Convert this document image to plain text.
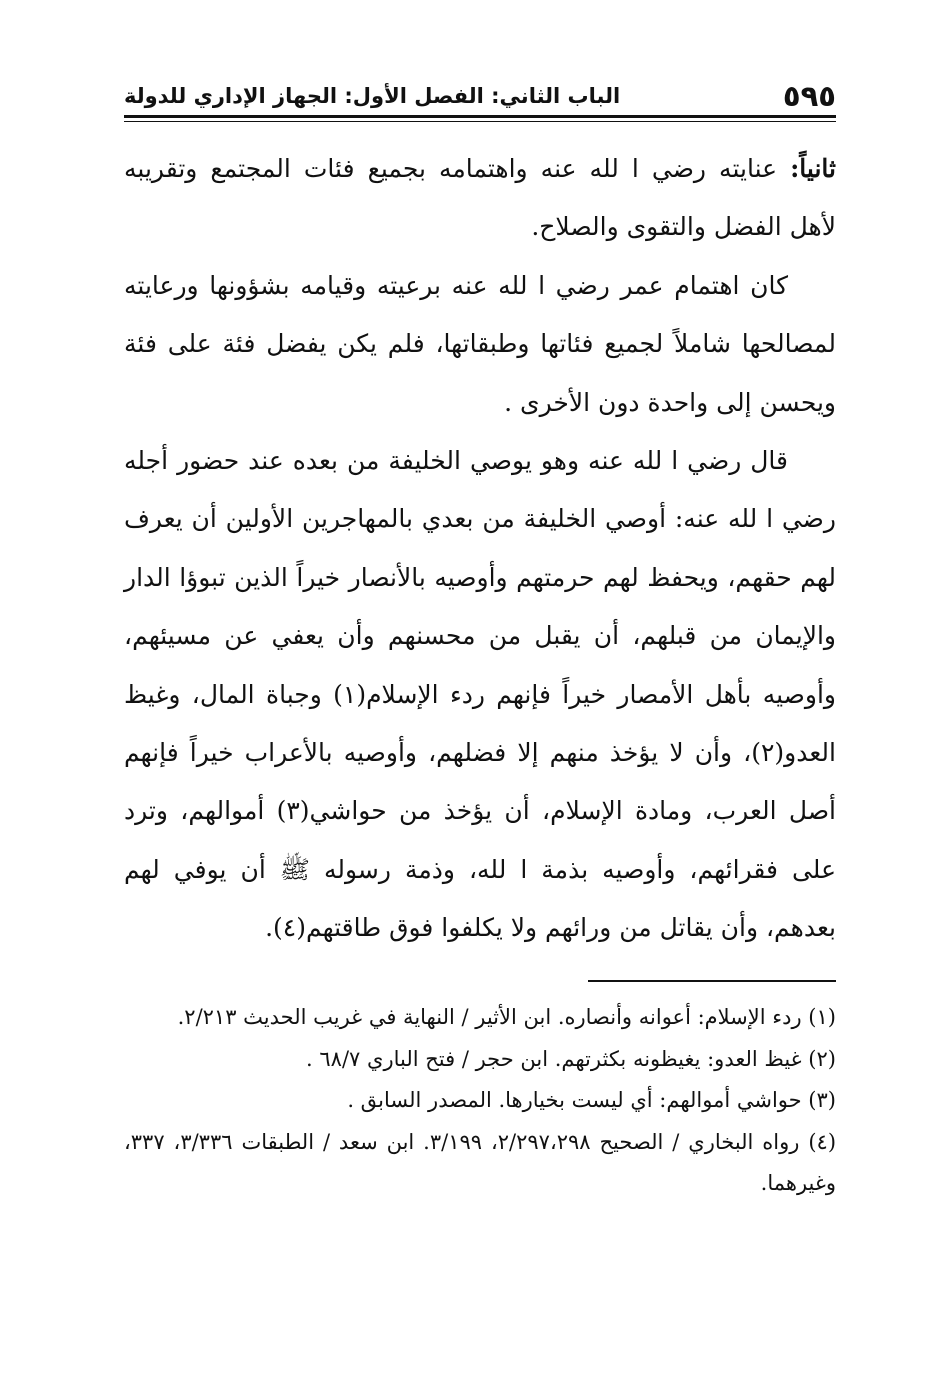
٥٩٥
الباب الثاني: الفصل الأول: الجهاز الإداري للدولة

ثانياً: عنايته رضي ا لله عنه واهتمامه بجميع فئات المجتمع وتقريبه لأهل الفضل والتقوى والصلاح.

كان اهتمام عمر رضي ا لله عنه برعيته وقيامه بشؤونها ورعايته لمصالحها شاملاً لجميع فئاتها وطبقاتها، فلم يكن يفضل فئة على فئة ويحسن إلى واحدة دون الأخرى .

قال رضي ا لله عنه وهو يوصي الخليفة من بعده عند حضور أجله رضي ا لله عنه: أوصي الخليفة من بعدي بالمهاجرين الأولين أن يعرف لهم حقهم، ويحفظ لهم حرمتهم وأوصيه بالأنصار خيراً الذين تبوؤا الدار والإيمان من قبلهم، أن يقبل من محسنهم وأن يعفي عن مسيئهم، وأوصيه بأهل الأمصار خيراً فإنهم ردء الإسلام(١) وجباة المال، وغيظ العدو(٢)، وأن لا يؤخذ منهم إلا فضلهم، وأوصيه بالأعراب خيراً فإنهم أصل العرب، ومادة الإسلام، أن يؤخذ من حواشي(٣) أموالهم، وترد على فقرائهم، وأوصيه بذمة ا لله، وذمة رسوله ﷺ أن يوفي لهم بعدهم، وأن يقاتل من ورائهم ولا يكلفوا فوق طاقتهم(٤).

(١) ردء الإسلام: أعوانه وأنصاره. ابن الأثير / النهاية في غريب الحديث ٢/٢١٣.

(٢) غيظ العدو: يغيظونه بكثرتهم. ابن حجر / فتح الباري ٦٨/٧ .

(٣) حواشي أموالهم: أي ليست بخيارها. المصدر السابق .

(٤) رواه البخاري / الصحيح ٢/٢٩٧،٢٩٨، ٣/١٩٩. ابن سعد / الطبقات ٣/٣٣٦، ٣٣٧، وغيرهما.
